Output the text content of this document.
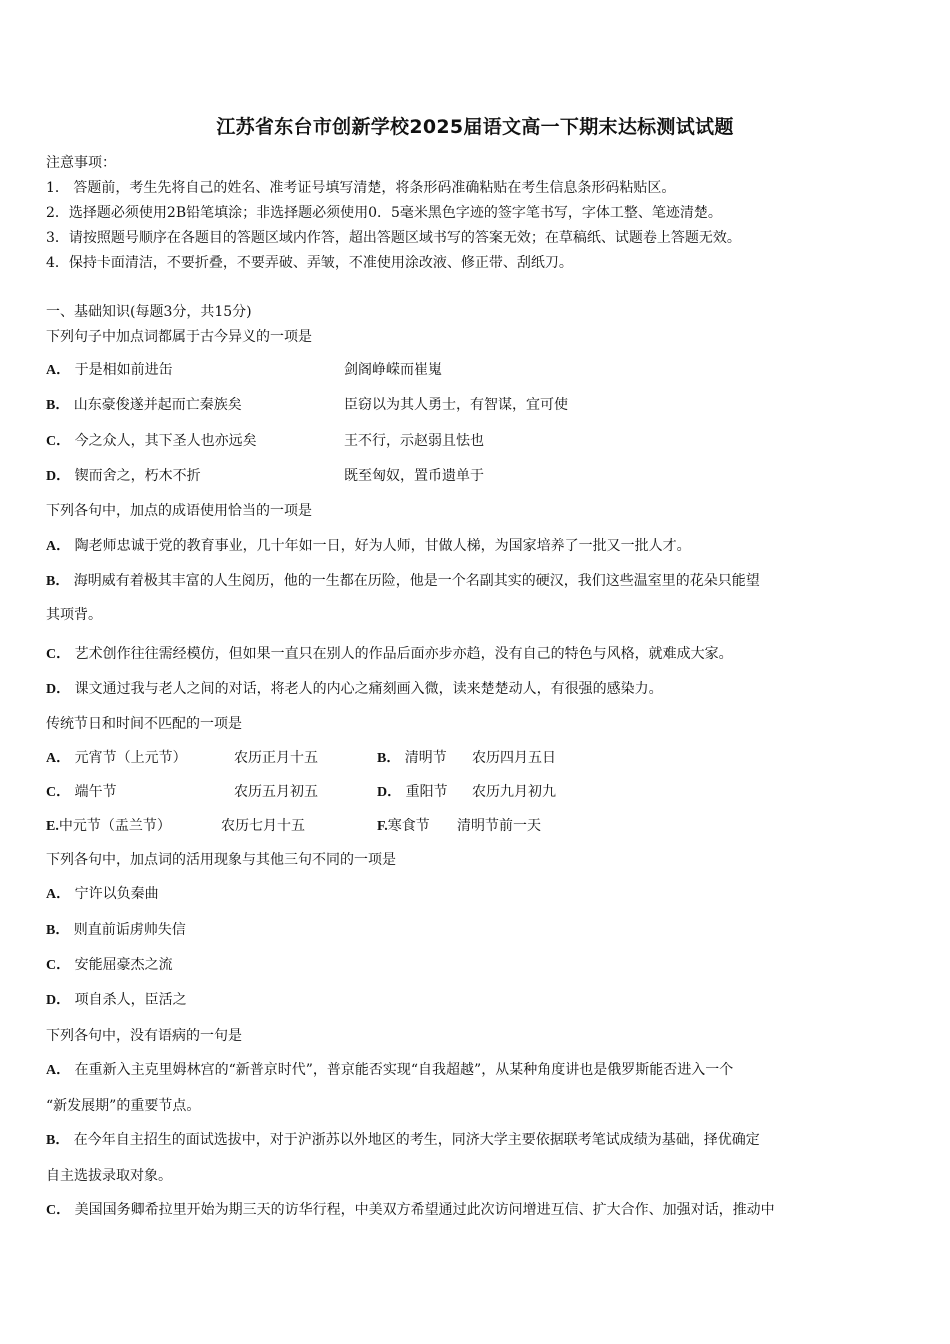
江苏省东台市创新学校2025届语文高一下期末达标测试试题
注意事项：
1． 答题前，考生先将自己的姓名、准考证号填写清楚，将条形码准确粘贴在考生信息条形码粘贴区。
2．选择题必须使用2B铅笔填涂；非选择题必须使用0．5毫米黑色字迹的签字笔书写，字体工整、笔迹清楚。
3．请按照题号顺序在各题目的答题区域内作答，超出答题区域书写的答案无效；在草稿纸、试题卷上答题无效。
4．保持卡面清洁，不要折叠，不要弄破、弄皱，不准使用涂改液、修正带、刮纸刀。
一、基础知识(每题3分，共15分)
下列句子中加点词都属于古今异义的一项是
A． 于是相如前进缶	剑阁峥嵘而崔嵬
B． 山东豪俊遂并起而亡秦族矣	臣窃以为其人勇士，有智谋，宜可使
C． 今之众人，其下圣人也亦远矣	王不行，示赵弱且怯也
D． 锲而舍之，朽木不折	既至匈奴，置币遗单于
下列各句中，加点的成语使用恰当的一项是
A． 陶老师忠诚于党的教育事业，几十年如一日，好为人师，甘做人梯，为国家培养了一批又一批人才。
B． 海明威有着极其丰富的人生阅历，他的一生都在历险，他是一个名副其实的硬汉，我们这些温室里的花朵只能望
其项背。
C． 艺术创作往往需经模仿，但如果一直只在别人的作品后面亦步亦趋，没有自己的特色与风格，就难成大家。
D． 课文通过我与老人之间的对话，将老人的内心之痛刻画入微，读来楚楚动人，有很强的感染力。
传统节日和时间不匹配的一项是
A． 元宵节（上元节）	农历正月十五	B． 清明节 农历四月五日
C． 端午节	农历五月初五	D． 重阳节 农历九月初九
E.中元节（盂兰节）	农历七月十五	F.寒食节 清明节前一天
下列各句中，加点词的活用现象与其他三句不同的一项是
A． 宁许以负秦曲
B． 则直前诟虏帅失信
C． 安能屈豪杰之流
D． 项自杀人，臣活之
下列各句中，没有语病的一句是
A． 在重新入主克里姆林宫的“新普京时代”，普京能否实现“自我超越”，从某种角度讲也是俄罗斯能否进入一个
“新发展期”的重要节点。
B． 在今年自主招生的面试选拔中，对于沪浙苏以外地区的考生，同济大学主要依据联考笔试成绩为基础，择优确定
自主选拔录取对象。
C． 美国国务卿希拉里开始为期三天的访华行程，中美双方希望通过此次访问增进互信、扩大合作、加强对话，推动中
